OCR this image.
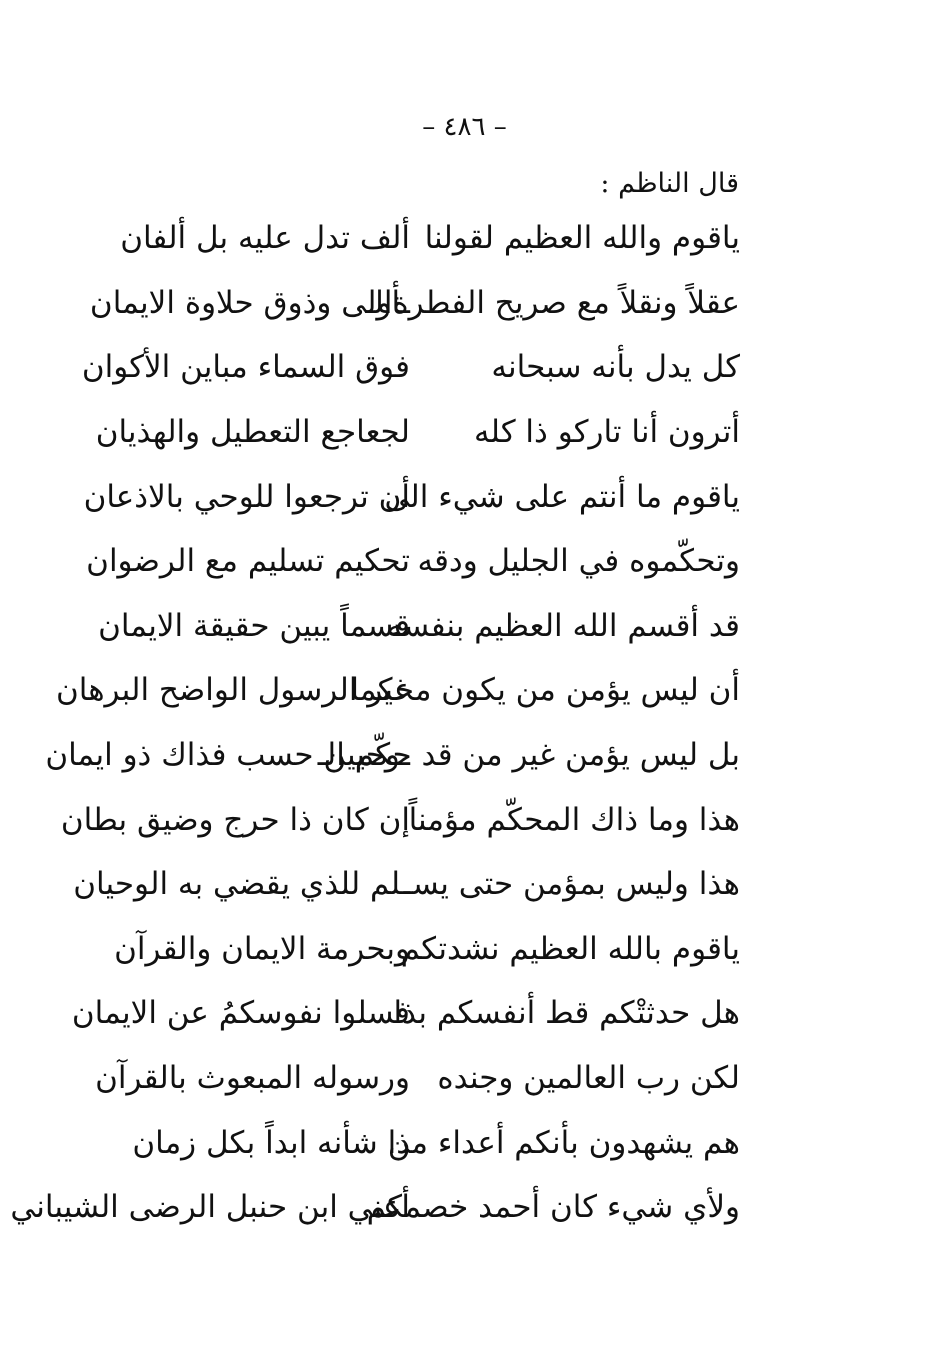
– ٤٨٦ –
قال الناظم :
ياقوم والله العظيم لقولنا
ألف تدل عليه بل ألفان
عقلاً ونقلاً مع صريح الفطرةالـ
ـأولى وذوق حلاوة الايمان
كل يدل بأنه سبحانه
فوق السماء مباين الأكوان
أترون أنا تاركو ذا كله
لجعاجع التعطيل والهذيان
ياقوم ما أنتم على شيء الى
أن ترجعوا للوحي بالاذعان
وتحكّموه في الجليل ودقه
تحكيم تسليم مع الرضوان
قد أقسم الله العظيم بنفسه
قسماً يبين حقيقة الايمان
أن ليس يؤمن من يكون محكما
غير الرسول الواضح البرهان
بل ليس يؤمن غير من قد حكّم الـ
ـوحيين حسب فذاك ذو ايمان
هذا وما ذاك المحكّم مؤمناً
إن كان ذا حرج وضيق بطان
هذا وليس بمؤمن حتى يسـ
ـلم للذي يقضي به الوحيان
ياقوم بالله العظيم نشدتكم
وبحرمة الايمان والقرآن
هل حدثتْكم قط أنفسكم بذا
فسلوا نفوسكمُ عن الايمان
لكن رب العالمين وجنده
ورسوله المبعوث بالقرآن
هم يشهدون بأنكم أعداء من
ذا شأنه ابداً بكل زمان
ولأي شيء كان أحمد خصمكم
أعني ابن حنبل الرضى الشيباني
